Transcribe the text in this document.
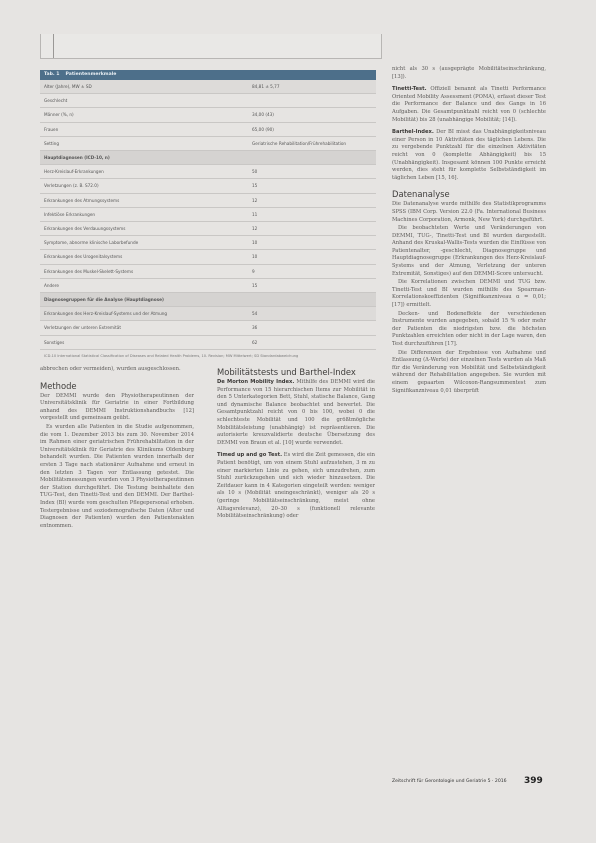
Tab. 1 Patientenmerkmale
Alter (Jahre), MW ± SD	84,81 ± 5,77
Geschlecht
Männer (%, n)	34,00 (43)
Frauen	65,00 (90)
Setting	Geriatrische Rehabilitation/Frührehabilitation
Hauptdiagnosen (ICD-10, n)
Herz-Kreislauf-Erkrankungen	50
Verletzungen (z. B. S72.0)	15
Erkrankungen des Atmungssystems	12
Infektiöse Erkrankungen	11
Erkrankungen des Verdauungssystems	12
Symptome, abnorme klinische Laborbefunde	10
Erkrankungen des Urogenitalsystems	10
Erkrankungen des Muskel-Skelett-Systems	9
Andere	15
Diagnosegruppen für die Analyse (Hauptdiagnose)
Erkrankungen des Herz-Kreislauf-Systems und der Atmung	54
Verletzungen der unteren Extremität	36
Sonstiges	62
ICD-10 International Statistical Classification of Diseases and Related Health Problems, 10. Revision; MW Mittelwert; SD Standardabweichung

abbrechen oder vermeiden), wurden ausgeschlossen.

Methode

Der DEMMI wurde den Physiotherapeutinnen der Universitätsklinik für Geriatrie in einer Fortbildung anhand des DEMMI Instruktionshandbuchs [12] vorgestellt und gemeinsam geübt.

Es wurden alle Patienten in die Studie aufgenommen, die vom 1. Dezember 2013 bis zum 30. November 2014 im Rahmen einer geriatrischen Frührehabilitation in der Universitätsklinik für Geriatrie des Klinikums Oldenburg behandelt wurden. Die Patienten wurden innerhalb der ersten 3 Tage nach stationärer Aufnahme und erneut in den letzten 3 Tagen vor Entlassung getestet. Die Mobilitätsmessungen wurden von 3 Physiotherapeutinnen der Station durchgeführt. Die Testung beinhaltete den TUG-Test, den Tinetti-Test und den DEMMI. Der Barthel-Index (BI) wurde vom geschulten Pflegepersonal erhoben. Testergebnisse und soziodemografische Daten (Alter und Diagnosen der Patienten) wurden den Patientenakten entnommen.

Mobilitätstests und Barthel-Index

De Morton Mobility Index. Mithilfe des DEMMI wird die Performance von 15 hierarchischen Items zur Mobilität in den 5 Unterkategorien Bett, Stuhl, statische Balance, Gang und dynamische Balance beobachtet und bewertet. Die Gesamtpunktzahl reicht von 0 bis 100, wobei 0 die schlechteste Mobilität und 100 die größtmögliche Mobilitätsleistung (unabhängig) ist repräsentieren. Die autorisierte kreuzvalidierte deutsche Übersetzung des DEMMI von Braun et al. [10] wurde verwendet.

Timed up and go Test. Es wird die Zeit gemessen, die ein Patient benötigt, um von einem Stuhl aufzustehen, 3 m zu einer markierten Linie zu gehen, sich umzudrehen, zum Stuhl zurückzugehen und sich wieder hinzusetzen. Die Zeitdauer kann in 4 Kategorien eingeteilt werden: weniger als 10 s (Mobilität uneingeschränkt), weniger als 20 s (geringe Mobilitätseinschränkung, meist ohne Alltagsrelevanz), 20–30 s (funktionell relevante Mobilitätseinschränkung) oder

nicht als 30 s (ausgeprägte Mobilitätseinschränkung, [13]).

Tinetti-Test. Offiziell benannt als Tinetti Performance Oriented Mobility Assessment (POMA), erfasst dieser Test die Performance der Balance und des Gangs in 16 Aufgaben. Die Gesamtpunktzahl reicht von 0 (schlechte Mobilität) bis 28 (unabhängige Mobilität; [14]).

Barthel-Index. Der BI misst das Unabhängigkeitsniveau einer Person in 10 Aktivitäten des täglichen Lebens. Die zu vergebende Punktzahl für die einzelnen Aktivitäten reicht von 0 (komplette Abhängigkeit) bis 15 (Unabhängigkeit). Insgesamt können 100 Punkte erreicht werden, dies steht für komplette Selbstständigkeit im täglichen Leben [15, 16].

Datenanalyse

Die Datenanalyse wurde mithilfe des Statistikprogramms SPSS (IBM Corp. Version 22.0 (Fa. International Business Machines Corporation, Armonk, New York) durchgeführt.

Die beobachteten Werte und Veränderungen von DEMMI, TUG-, Tinetti-Test und BI wurden dargestellt. Anhand des Kruskal-Wallis-Tests wurden die Einflüsse von Patientenalter, -geschlecht, Diagnosegruppe und Hauptdiagnosegruppe (Erkrankungen des Herz-Kreislauf-Systems und der Atmung, Verletzung der unteren Extremität, Sonstiges) auf den DEMMI-Score untersucht.

Die Korrelationen zwischen DEMMI und TUG bzw. Tinetti-Test und BI wurden mithilfe des Spearman-Korrelationskoeffizienten (Signifikanzniveau α = 0,01; [17]) ermittelt.

Decken- und Bodeneffekte der verschiedenen Instrumente wurden angegeben, sobald 15 % oder mehr der Patienten die niedrigsten bzw. die höchsten Punktzahlen erreichten oder nicht in der Lage waren, den Test durchzuführen [17].

Die Differenzen der Ergebnisse von Aufnahme und Entlassung (Δ-Werte) der einzelnen Tests wurden als Maß für die Veränderung von Mobilität und Selbstständigkeit während der Rehabilitation angegeben. Sie wurden mit einem gepaarten Wilcoxon-Rangsummentest zum Signifikanzniveau 0,01 überprüft

Zeitschrift für Gerontologie und Geriatrie 5 · 2016 399
